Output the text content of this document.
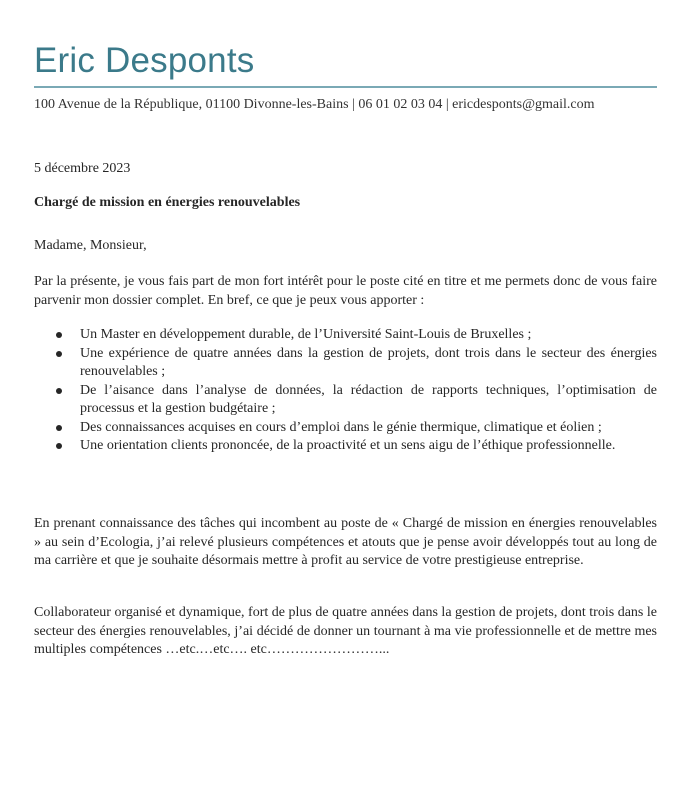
Eric Desponts
100 Avenue de la République, 01100 Divonne-les-Bains | 06 01 02 03 04 | ericdesponts@gmail.com
5 décembre 2023
Chargé de mission en énergies renouvelables
Madame, Monsieur,

Par la présente, je vous fais part de mon fort intérêt pour le poste cité en titre et me permets donc de vous faire parvenir mon dossier complet. En bref, ce que je peux vous apporter :

Un Master en développement durable, de l’Université Saint-Louis de Bruxelles ;
Une expérience de quatre années dans la gestion de projets, dont trois dans le secteur des énergies renouvelables ;
De l’aisance dans l’analyse de données, la rédaction de rapports techniques, l’optimisation de processus et la gestion budgétaire ;
Des connaissances acquises en cours d’emploi dans le génie thermique, climatique et éolien ;
Une orientation clients prononcée, de la proactivité et un sens aigu de l’éthique professionnelle.

En prenant connaissance des tâches qui incombent au poste de « Chargé de mission en énergies renouvelables » au sein d’Ecologia, j’ai relevé plusieurs compétences et atouts que je pense avoir développés tout au long de ma carrière et que je souhaite désormais mettre à profit au service de votre prestigieuse entreprise.

Collaborateur organisé et dynamique, fort de plus de quatre années dans la gestion de projets, dont trois dans le secteur des énergies renouvelables, j’ai décidé de donner un tournant à ma vie professionnelle et de mettre mes multiples compétences …etc.…etc…. etc……………………...
